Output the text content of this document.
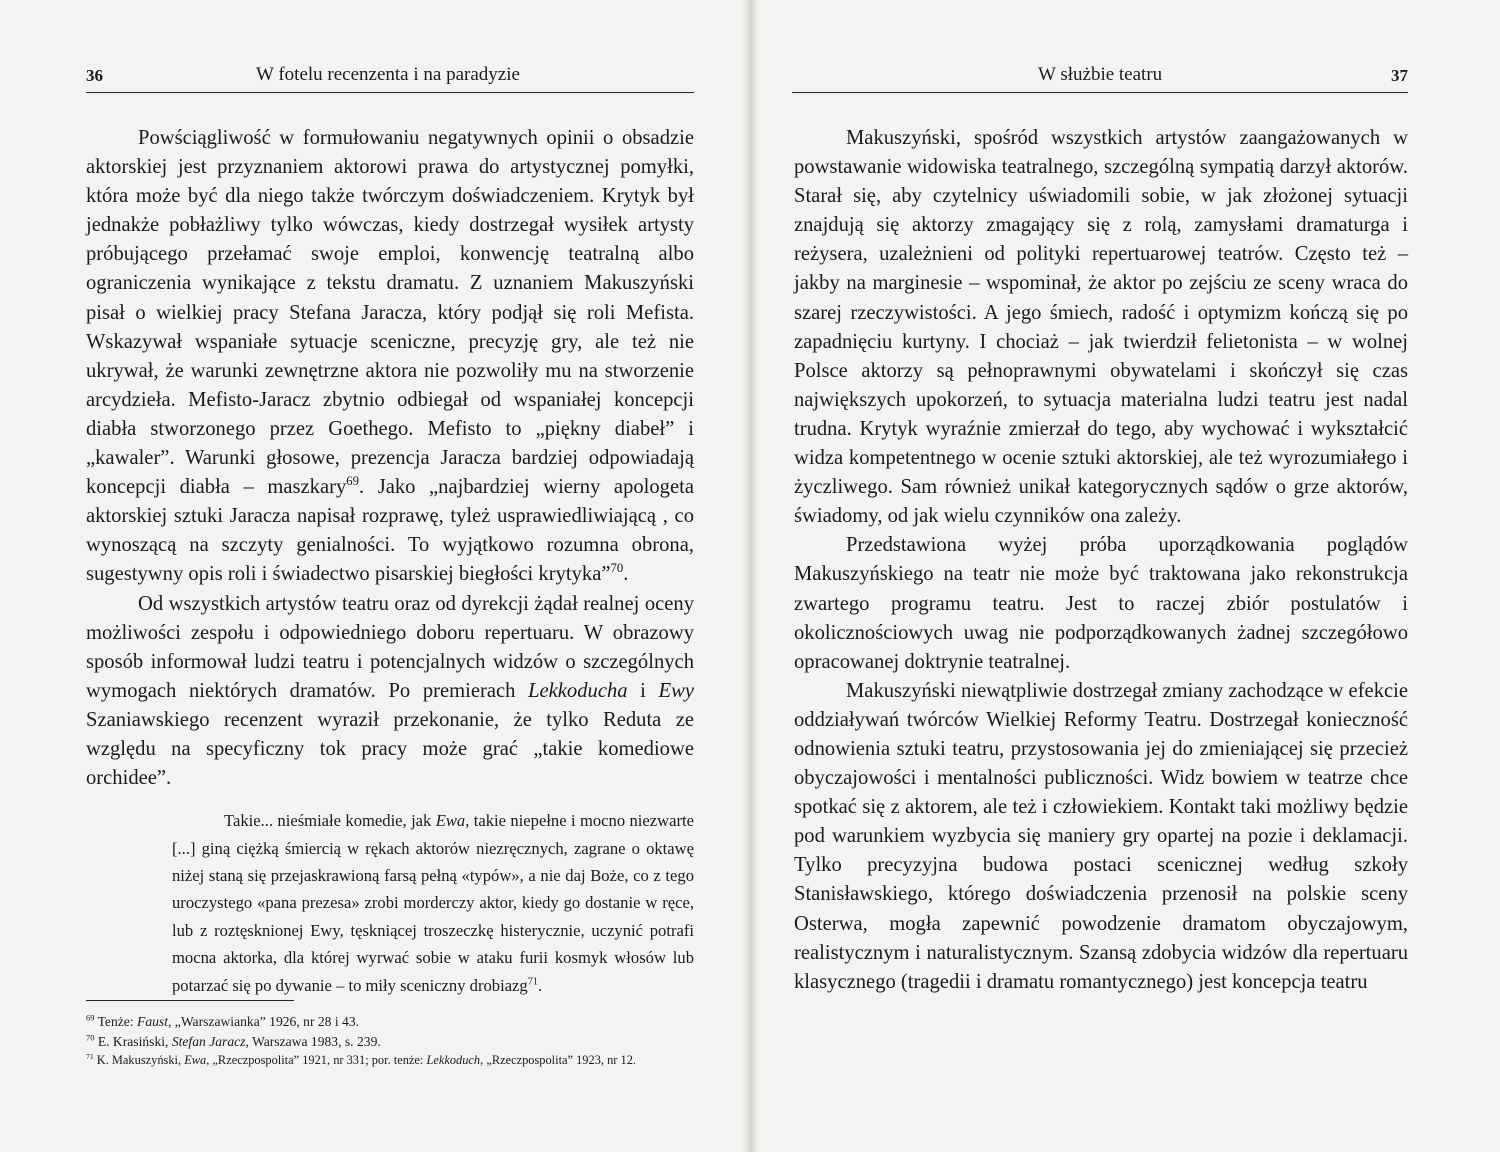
36	W fotelu recenzenta i na paradyzie

Powściągliwość w formułowaniu negatywnych opinii o obsadzie aktorskiej jest przyznaniem aktorowi prawa do artystycznej pomyłki, która może być dla niego także twórczym doświadczeniem. Krytyk był jednakże pobłażliwy tylko wówczas, kiedy dostrzegał wysiłek artysty próbującego przełamać swoje emploi, konwencję teatralną albo ograniczenia wynikające z tekstu dramatu. Z uznaniem Makuszyński pisał o wielkiej pracy Stefana Jaracza, który podjął się roli Mefista. Wskazywał wspaniałe sytuacje sceniczne, precyzję gry, ale też nie ukrywał, że warunki zewnętrzne aktora nie pozwoliły mu na stworzenie arcydzieła. Mefisto-Jaracz zbytnio odbiegał od wspaniałej koncepcji diabła stworzonego przez Goethego. Mefisto to „piękny diabeł” i „kawaler”. Warunki głosowe, prezencja Jaracza bardziej odpowiadają koncepcji diabła – maszkary$^{69}$. Jako „najbardziej wierny apologeta aktorskiej sztuki Jaracza napisał rozprawę, tyleż usprawiedliwiającą , co wynoszącą na szczyty genialności. To wyjątkowo rozumna obrona, sugestywny opis roli i świadectwo pisarskiej biegłości krytyka”$^{70}$.

Od wszystkich artystów teatru oraz od dyrekcji żądał realnej oceny możliwości zespołu i odpowiedniego doboru repertuaru. W obrazowy sposób informował ludzi teatru i potencjalnych widzów o szczególnych wymogach niektórych dramatów. Po premierach Lekkoducha i Ewy Szaniawskiego recenzent wyraził przekonanie, że tylko Reduta ze względu na specyficzny tok pracy może grać „takie komediowe orchidee”.

Takie... nieśmiałe komedie, jak Ewa, takie niepełne i mocno niezwarte [...] giną ciężką śmiercią w rękach aktorów niezręcznych, zagrane o oktawę niżej staną się przejaskrawioną farsą pełną «typów», a nie daj Boże, co z tego uroczystego «pana prezesa» zrobi morderczy aktor, kiedy go dostanie w ręce, lub z roztęsknionej Ewy, tęskniącej troszeczkę histerycznie, uczynić potrafi mocna aktorka, dla której wyrwać sobie w ataku furii kosmyk włosów lub potarzać się po dywanie – to miły sceniczny drobiazg$^{71}$.

$^{69}$ Tenże: Faust, „Warszawianka” 1926, nr 28 i 43.
$^{70}$ E. Krasiński, Stefan Jaracz, Warszawa 1983, s. 239.
$^{71}$ K. Makuszyński, Ewa, „Rzeczpospolita” 1921, nr 331; por. tenże: Lekkoduch, „Rzeczpospolita” 1923, nr 12.
W służbie teatru	37

Makuszyński, spośród wszystkich artystów zaangażowanych w powstawanie widowiska teatralnego, szczególną sympatią darzył aktorów. Starał się, aby czytelnicy uświadomili sobie, w jak złożonej sytuacji znajdują się aktorzy zmagający się z rolą, zamysłami dramaturga i reżysera, uzależnieni od polityki repertuarowej teatrów. Często też – jakby na marginesie – wspominał, że aktor po zejściu ze sceny wraca do szarej rzeczywistości. A jego śmiech, radość i optymizm kończą się po zapadnięciu kurtyny. I chociaż – jak twierdził felietonista – w wolnej Polsce aktorzy są pełnoprawnymi obywatelami i skończył się czas największych upokorzeń, to sytuacja materialna ludzi teatru jest nadal trudna. Krytyk wyraźnie zmierzał do tego, aby wychować i wykształcić widza kompetentnego w ocenie sztuki aktorskiej, ale też wyrozumiałego i życzliwego. Sam również unikał kategorycznych sądów o grze aktorów, świadomy, od jak wielu czynników ona zależy.

Przedstawiona wyżej próba uporządkowania poglądów Makuszyńskiego na teatr nie może być traktowana jako rekonstrukcja zwartego programu teatru. Jest to raczej zbiór postulatów i okolicznościowych uwag nie podporządkowanych żadnej szczegółowo opracowanej doktrynie teatralnej.

Makuszyński niewątpliwie dostrzegał zmiany zachodzące w efekcie oddziaływań twórców Wielkiej Reformy Teatru. Dostrzegał konieczność odnowienia sztuki teatru, przystosowania jej do zmieniającej się przecież obyczajowości i mentalności publiczności. Widz bowiem w teatrze chce spotkać się z aktorem, ale też i człowiekiem. Kontakt taki możliwy będzie pod warunkiem wyzbycia się maniery gry opartej na pozie i deklamacji. Tylko precyzyjna budowa postaci scenicznej według szkoły Stanisławskiego, którego doświadczenia przenosił na polskie sceny Osterwa, mogła zapewnić powodzenie dramatom obyczajowym, realistycznym i naturalistycznym. Szansą zdobycia widzów dla repertuaru klasycznego (tragedii i dramatu romantycznego) jest koncepcja teatru
